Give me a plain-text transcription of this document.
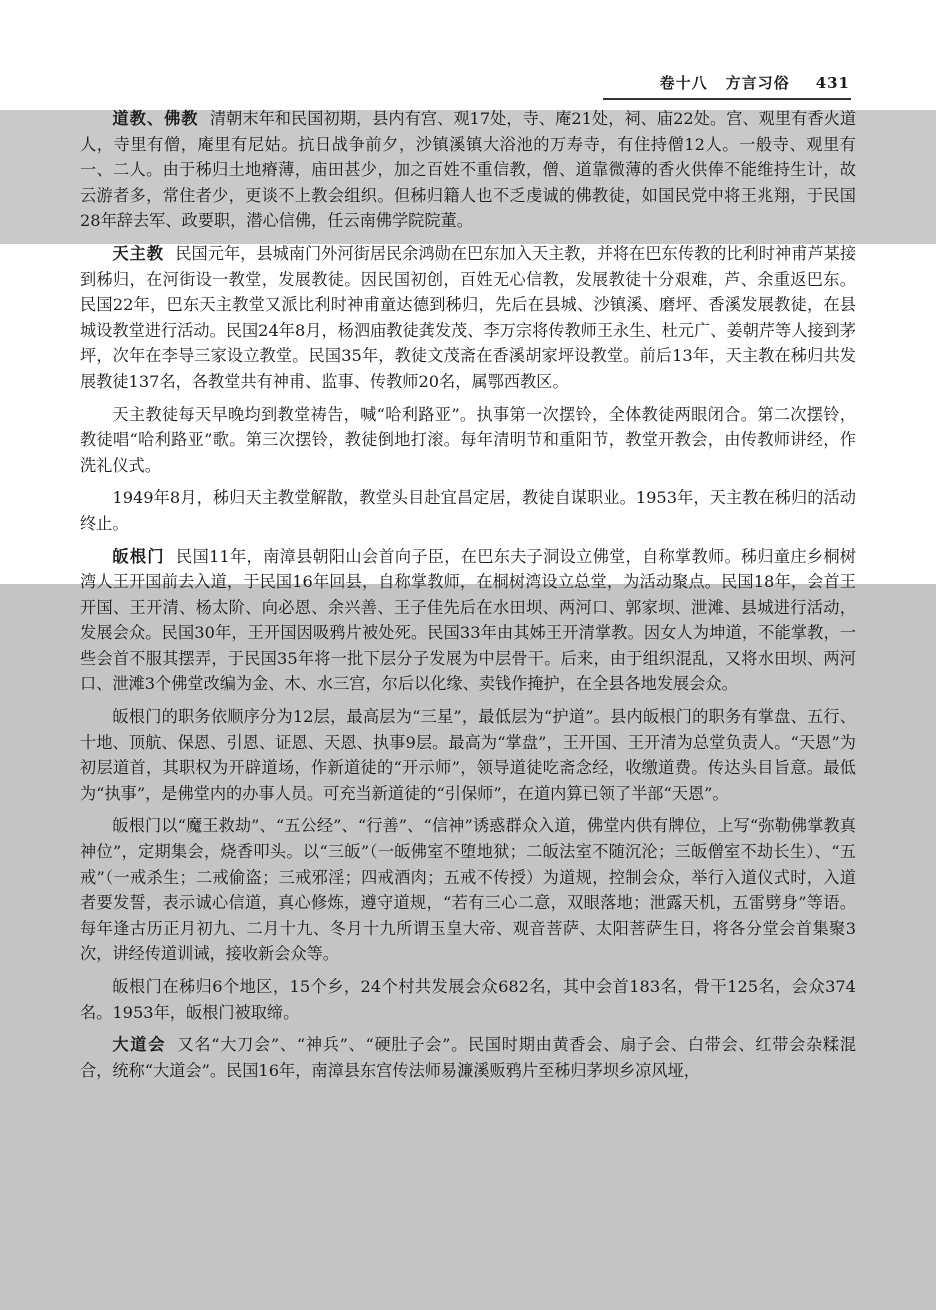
卷十八 方言习俗 431

道教、佛教 清朝末年和民国初期，县内有宫、观17处，寺、庵21处，祠、庙22处。宫、观里有香火道人，寺里有僧，庵里有尼姑。抗日战争前夕，沙镇溪镇大浴池的万寿寺，有住持僧12人。一般寺、观里有一、二人。由于秭归土地瘠薄，庙田甚少，加之百姓不重信教，僧、道靠微薄的香火供俸不能维持生计，故云游者多，常住者少，更谈不上教会组织。但秭归籍人也不乏虔诚的佛教徒，如国民党中将王兆翔，于民国28年辞去军、政要职，潜心信佛，任云南佛学院院董。

天主教 民国元年，县城南门外河街居民余鸿勋在巴东加入天主教，并将在巴东传教的比利时神甫芦某接到秭归，在河街设一教堂，发展教徒。因民国初创，百姓无心信教，发展教徒十分艰难，芦、余重返巴东。民国22年，巴东天主教堂又派比利时神甫童达德到秭归，先后在县城、沙镇溪、磨坪、香溪发展教徒，在县城设教堂进行活动。民国24年8月，杨泗庙教徒龚发茂、李万宗将传教师王永生、杜元广、姜朝芹等人接到茅坪，次年在李导三家设立教堂。民国35年，教徒文茂斋在香溪胡家坪设教堂。前后13年，天主教在秭归共发展教徒137名，各教堂共有神甫、监事、传教师20名，属鄂西教区。

天主教徒每天早晚均到教堂祷告，喊“哈利路亚”。执事第一次摆铃，全体教徒两眼闭合。第二次摆铃，教徒唱“哈利路亚”歌。第三次摆铃，教徒倒地打滚。每年清明节和重阳节，教堂开教会，由传教师讲经，作洗礼仪式。

1949年8月，秭归天主教堂解散，教堂头目赴宜昌定居，教徒自谋职业。1953年，天主教在秭归的活动终止。

皈根门 民国11年，南漳县朝阳山会首向子臣，在巴东夫子洞设立佛堂，自称掌教师。秭归童庄乡桐树湾人王开国前去入道，于民国16年回县，自称掌教师，在桐树湾设立总堂，为活动聚点。民国18年，会首王开国、王开清、杨太阶、向必恩、余兴善、王子佳先后在水田坝、两河口、郭家坝、泄滩、县城进行活动，发展会众。民国30年，王开国因吸鸦片被处死。民国33年由其姊王开清掌教。因女人为坤道，不能掌教，一些会首不服其摆弄，于民国35年将一批下层分子发展为中层骨干。后来，由于组织混乱，又将水田坝、两河口、泄滩3个佛堂改编为金、木、水三宫，尔后以化缘、卖钱作掩护，在全县各地发展会众。

皈根门的职务依顺序分为12层，最高层为“三星”，最低层为“护道”。县内皈根门的职务有掌盘、五行、十地、顶航、保恩、引恩、证恩、天恩、执事9层。最高为“掌盘”，王开国、王开清为总堂负责人。“天恩”为初层道首，其职权为开辟道场，作新道徒的“开示师”，领导道徒吃斋念经，收缴道费。传达头目旨意。最低为“执事”，是佛堂内的办事人员。可充当新道徒的“引保师”，在道内算已领了半部“天恩”。

皈根门以“魔王救劫”、“五公经”、“行善”、“信神”诱惑群众入道，佛堂内供有牌位，上写“弥勒佛掌教真神位”，定期集会，烧香叩头。以“三皈”（一皈佛室不堕地狱；二皈法室不随沉沦；三皈僧室不劫长生）、“五戒”（一戒杀生；二戒偷盗；三戒邪淫；四戒酒肉；五戒不传授）为道规，控制会众，举行入道仪式时，入道者要发誓，表示诚心信道，真心修炼，遵守道规，“若有三心二意，双眼落地；泄露天机，五雷劈身”等语。每年逢古历正月初九、二月十九、冬月十九所谓玉皇大帝、观音菩萨、太阳菩萨生日，将各分堂会首集聚3次，讲经传道训诫，接收新会众等。

皈根门在秭归6个地区，15个乡，24个村共发展会众682名，其中会首183名，骨干125名，会众374名。1953年，皈根门被取缔。

大道会 又名“大刀会”、“神兵”、“硬肚子会”。民国时期由黄香会、扇子会、白带会、红带会杂糅混合，统称“大道会”。民国16年，南漳县东宫传法师易濂溪贩鸦片至秭归茅坝乡凉风垭，
